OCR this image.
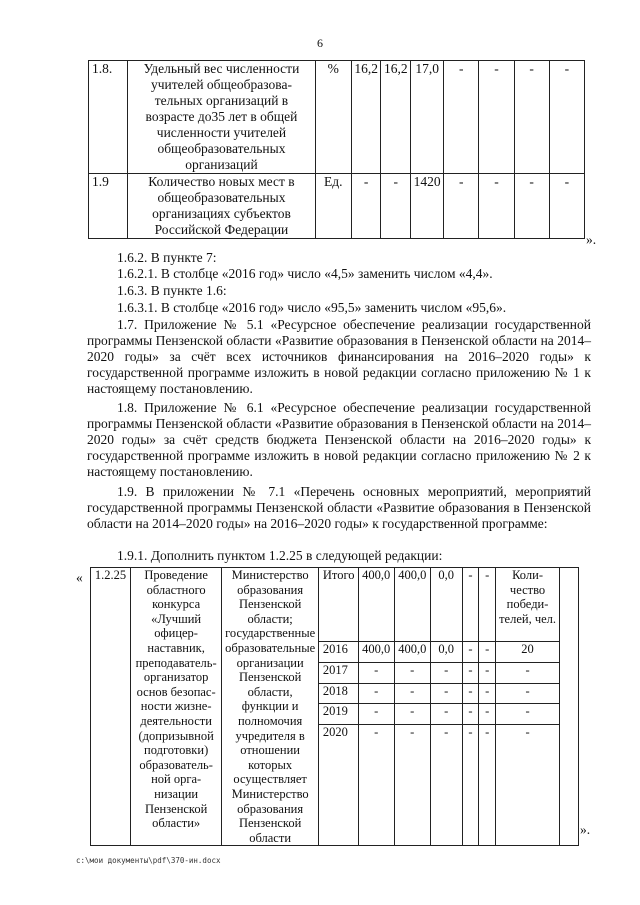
6
1.8.	Удельный вес численности учителей общеобразова-тельных организаций в возрасте до35 лет в общей численности учителей общеобразовательных организаций	%	16,2	16,2	17,0	-	-	-	-
1.9	Количество новых мест в общеобразовательных организациях субъектов Российской Федерации	Ед.	-	-	1420	-	-	-	-
».
1.6.2. В пункте 7:
1.6.2.1. В столбце «2016 год» число «4,5» заменить числом «4,4».
1.6.3. В пункте 1.6:
1.6.3.1. В столбце «2016 год» число «95,5» заменить числом «95,6».
1.7. Приложение № 5.1 «Ресурсное обеспечение реализации государственной программы Пензенской области «Развитие образования в Пензенской области на 2014–2020 годы» за счёт всех источников финансирования на 2016–2020 годы» к государственной программе изложить в новой редакции согласно приложению № 1 к настоящему постановлению.
1.8. Приложение № 6.1 «Ресурсное обеспечение реализации государственной программы Пензенской области «Развитие образования в Пензенской области на 2014–2020 годы» за счёт средств бюджета Пензенской области на 2016–2020 годы» к государственной программе изложить в новой редакции согласно приложению № 2 к настоящему постановлению.
1.9. В приложении № 7.1 «Перечень основных мероприятий, мероприятий государственной программы Пензенской области «Развитие образования в Пензенской области на 2014–2020 годы» на 2016–2020 годы» к государственной программе:
1.9.1. Дополнить пунктом 1.2.25 в следующей редакции:
« 1.2.25	Проведение областного конкурса «Лучший офицер-наставник, преподаватель-организатор основ безопас-ности жизне-деятельности (допризывной подготовки) образователь-ной орга-низации Пензенской области»	Министерство образования Пензенской области; государственные образовательные организации Пензенской области, функции и полномочия учредителя в отношении которых осуществляет Министерство образования Пензенской области	Итого	400,0	400,0	0,0	-	-	Коли-чество победи-телей, чел.	
			2016	400,0	400,0	0,0	-	-	20	
			2017	-	-	-	-	-	-	
			2018	-	-	-	-	-	-	
			2019	-	-	-	-	-	-	
			2020	-	-	-	-	-	-	
».
c:\мои документы\pdf\370-ин.docx
